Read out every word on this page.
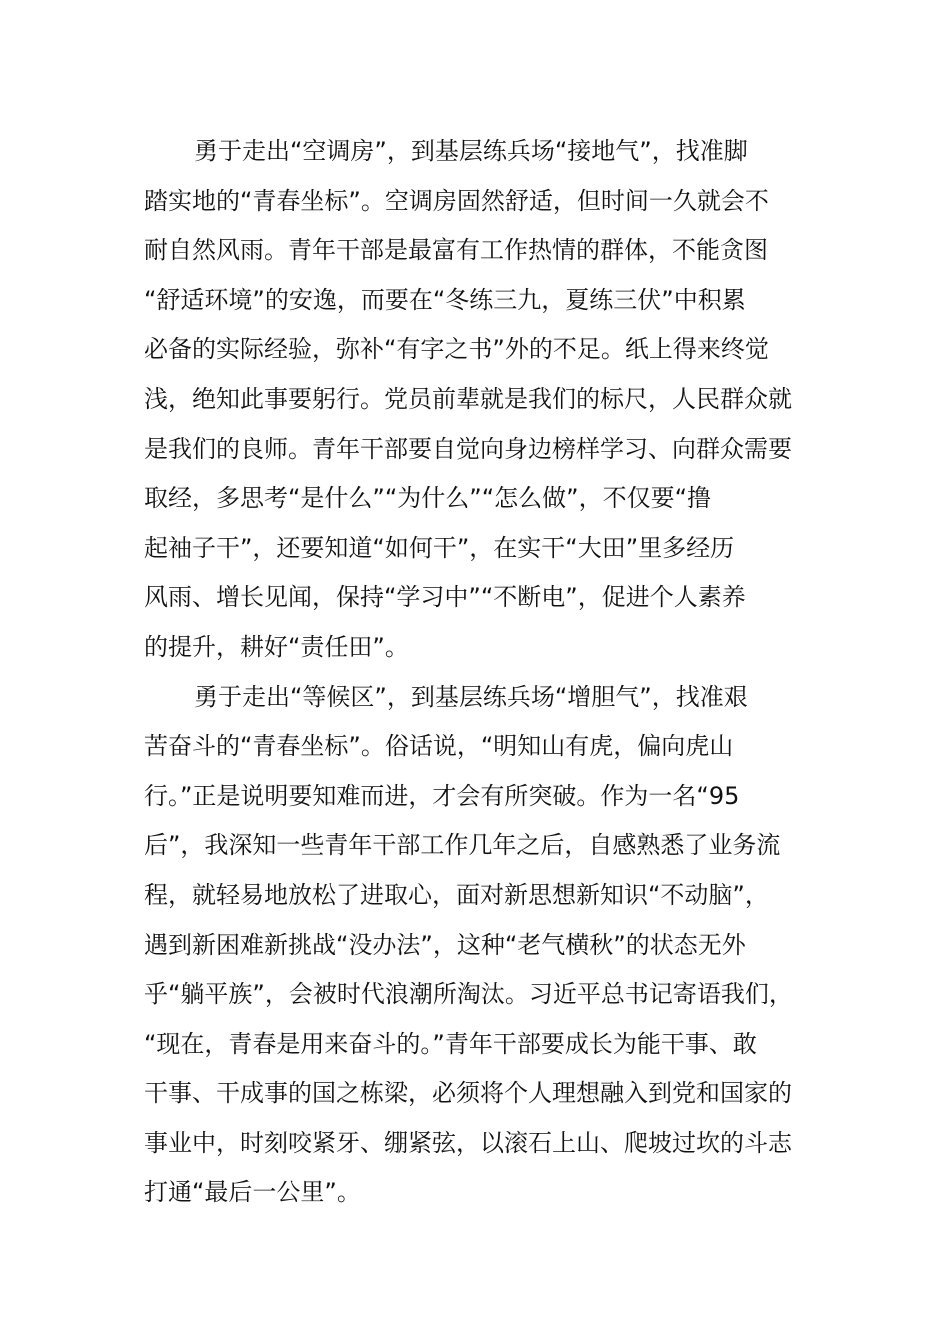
勇于走出“空调房”，到基层练兵场“接地气”，找准脚
踏实地的“青春坐标”。空调房固然舒适，但时间一久就会不
耐自然风雨。青年干部是最富有工作热情的群体，不能贪图
“舒适环境”的安逸，而要在“冬练三九，夏练三伏”中积累
必备的实际经验，弥补“有字之书”外的不足。纸上得来终觉
浅，绝知此事要躬行。党员前辈就是我们的标尺，人民群众就
是我们的良师。青年干部要自觉向身边榜样学习、向群众需要
取经，多思考“是什么”“为什么”“怎么做”，不仅要“撸
起袖子干”，还要知道“如何干”，在实干“大田”里多经历
风雨、增长见闻，保持“学习中”“不断电”，促进个人素养
的提升，耕好“责任田”。
勇于走出“等候区”，到基层练兵场“增胆气”，找准艰
苦奋斗的“青春坐标”。俗话说，“明知山有虎，偏向虎山
行。”正是说明要知难而进，才会有所突破。作为一名“95
后”，我深知一些青年干部工作几年之后，自感熟悉了业务流
程，就轻易地放松了进取心，面对新思想新知识“不动脑”，
遇到新困难新挑战“没办法”，这种“老气横秋”的状态无外
乎“躺平族”，会被时代浪潮所淘汰。习近平总书记寄语我们，
“现在，青春是用来奋斗的。”青年干部要成长为能干事、敢
干事、干成事的国之栋梁，必须将个人理想融入到党和国家的
事业中，时刻咬紧牙、绷紧弦，以滚石上山、爬坡过坎的斗志
打通“最后一公里”。
